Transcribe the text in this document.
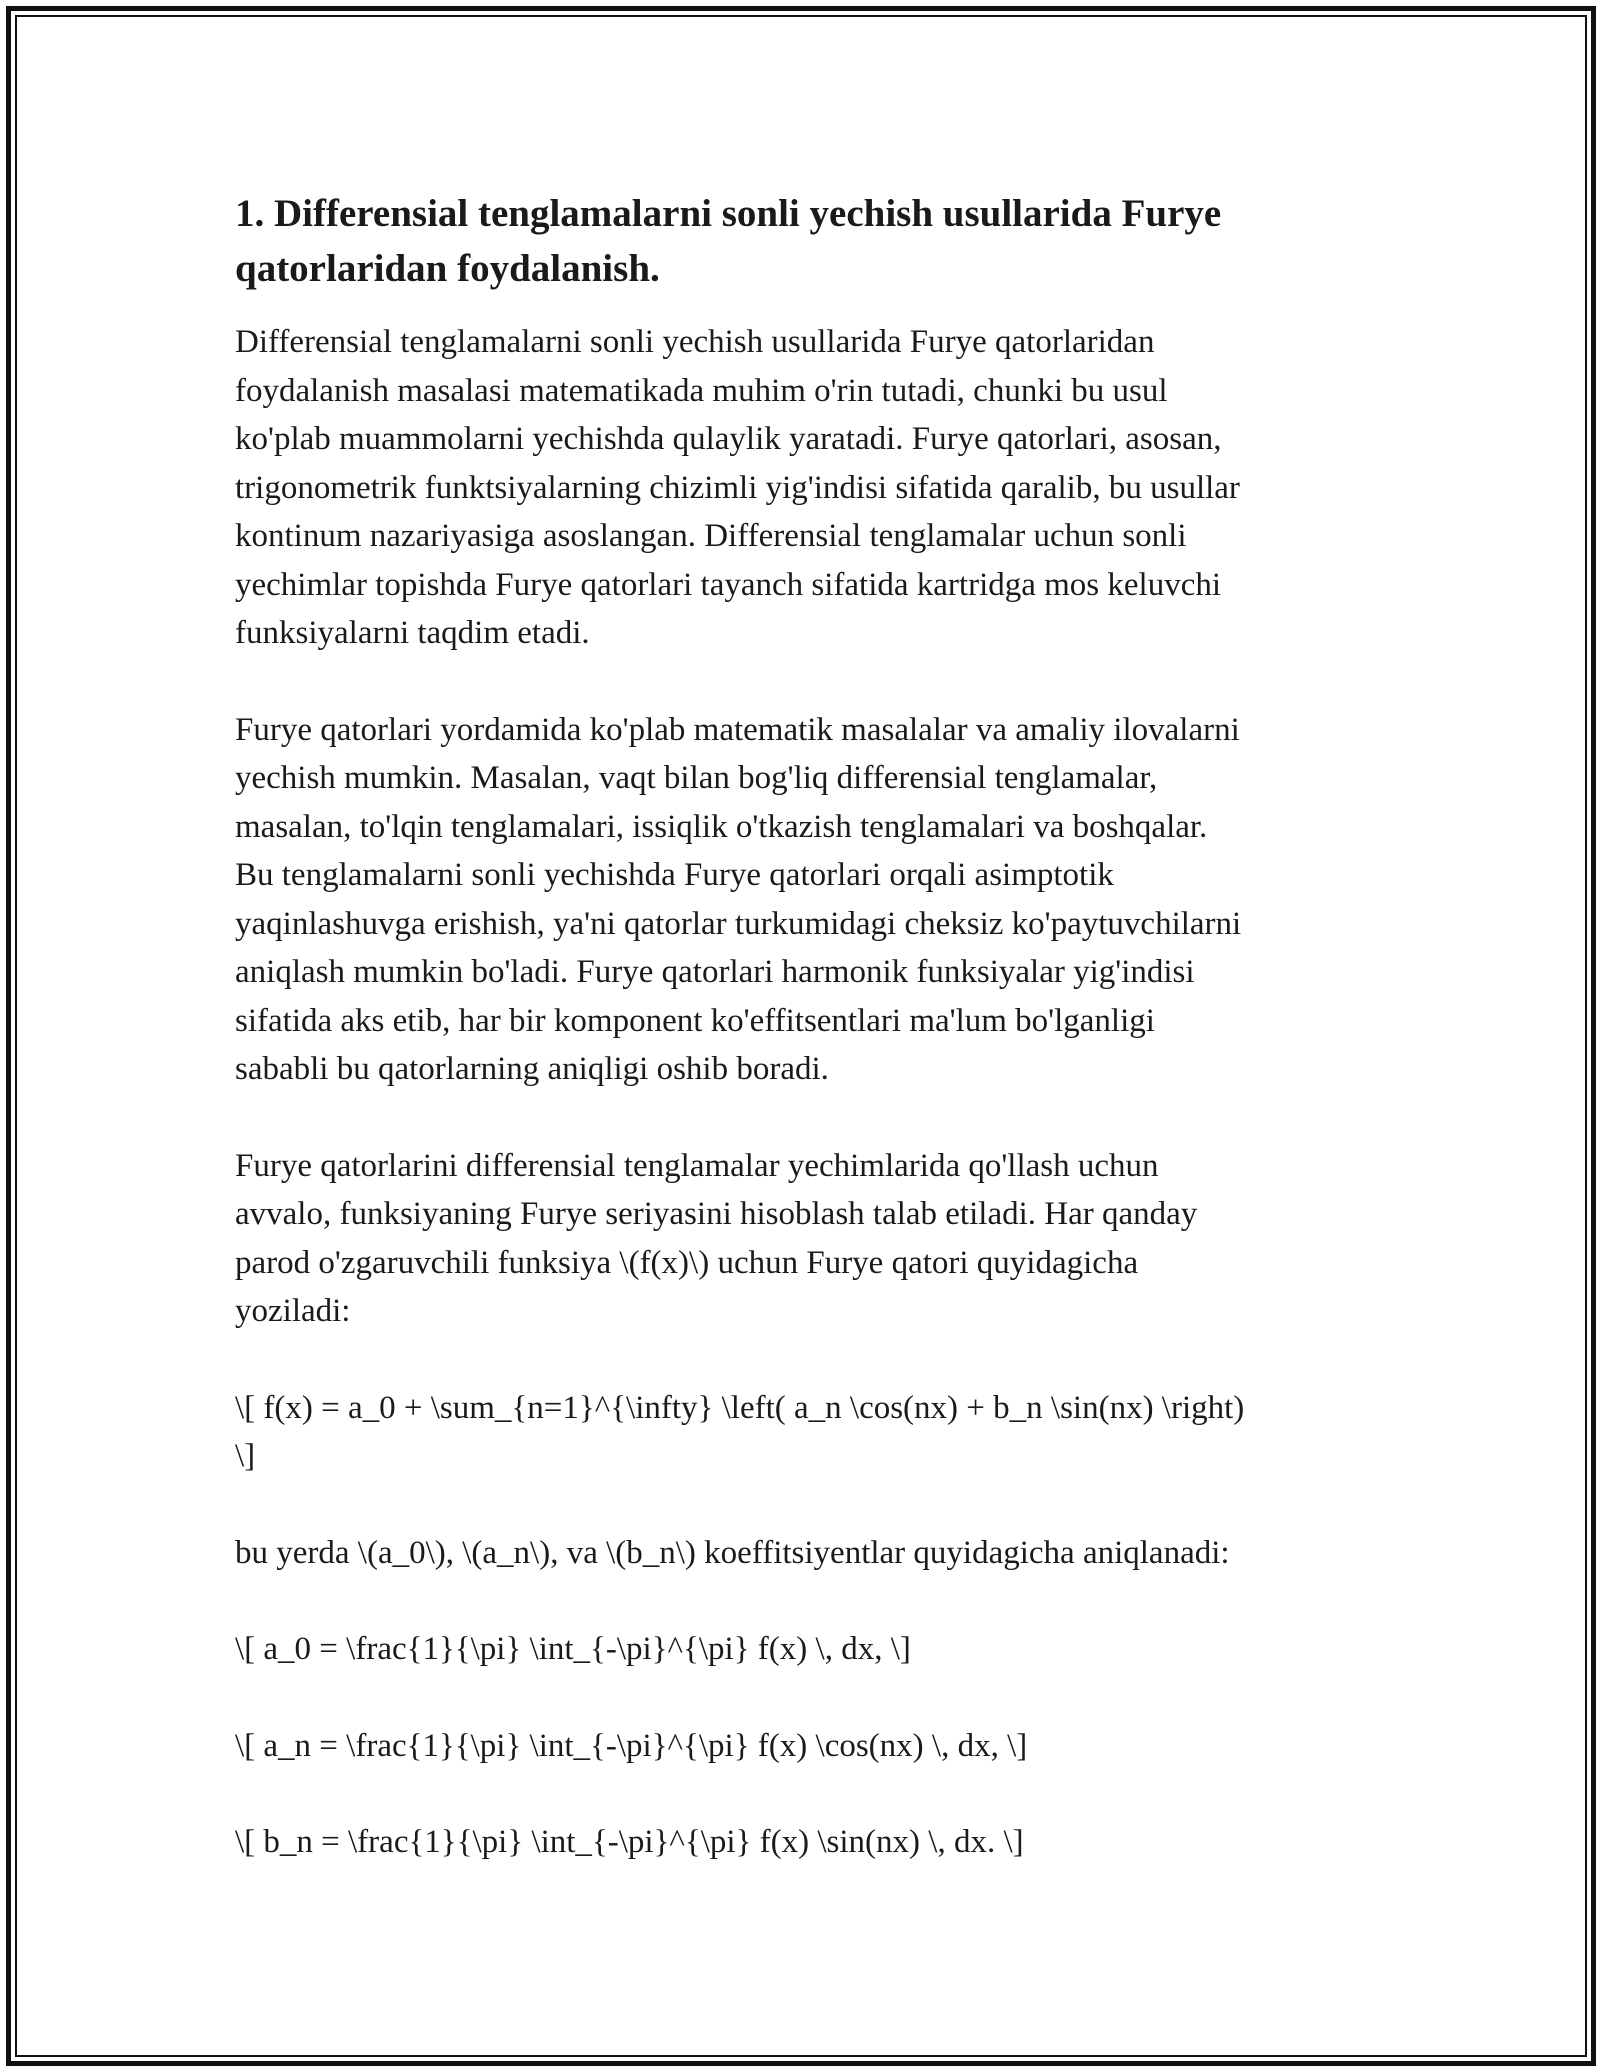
1. Differensial tenglamalarni sonli yechish usullarida Furye qatorlaridan foydalanish.

Differensial tenglamalarni sonli yechish usullarida Furye qatorlaridan
foydalanish masalasi matematikada muhim o'rin tutadi, chunki bu usul
ko'plab muammolarni yechishda qulaylik yaratadi. Furye qatorlari, asosan,
trigonometrik funktsiyalarning chizimli yig'indisi sifatida qaralib, bu usullar
kontinum nazariyasiga asoslangan. Differensial tenglamalar uchun sonli
yechimlar topishda Furye qatorlari tayanch sifatida kartridga mos keluvchi
funksiyalarni taqdim etadi.

Furye qatorlari yordamida ko'plab matematik masalalar va amaliy ilovalarni
yechish mumkin. Masalan, vaqt bilan bog'liq differensial tenglamalar,
masalan, to'lqin tenglamalari, issiqlik o'tkazish tenglamalari va boshqalar.
Bu tenglamalarni sonli yechishda Furye qatorlari orqali asimptotik
yaqinlashuvga erishish, ya'ni qatorlar turkumidagi cheksiz ko'paytuvchilarni
aniqlash mumkin bo'ladi. Furye qatorlari harmonik funksiyalar yig'indisi
sifatida aks etib, har bir komponent ko'effitsentlari ma'lum bo'lganligi
sababli bu qatorlarning aniqligi oshib boradi.

Furye qatorlarini differensial tenglamalar yechimlarida qo'llash uchun
avvalo, funksiyaning Furye seriyasini hisoblash talab etiladi. Har qanday
parod o'zgaruvchili funksiya \(f(x)\) uchun Furye qatori quyidagicha
yoziladi:

\[ f(x) = a_0 + \sum_{n=1}^{\infty} \left( a_n \cos(nx) + b_n \sin(nx) \right)
\]

bu yerda \(a_0\), \(a_n\), va \(b_n\) koeffitsiyentlar quyidagicha aniqlanadi:

\[ a_0 = \frac{1}{\pi} \int_{-\pi}^{\pi} f(x) \, dx, \]

\[ a_n = \frac{1}{\pi} \int_{-\pi}^{\pi} f(x) \cos(nx) \, dx, \]

\[ b_n = \frac{1}{\pi} \int_{-\pi}^{\pi} f(x) \sin(nx) \, dx. \]
